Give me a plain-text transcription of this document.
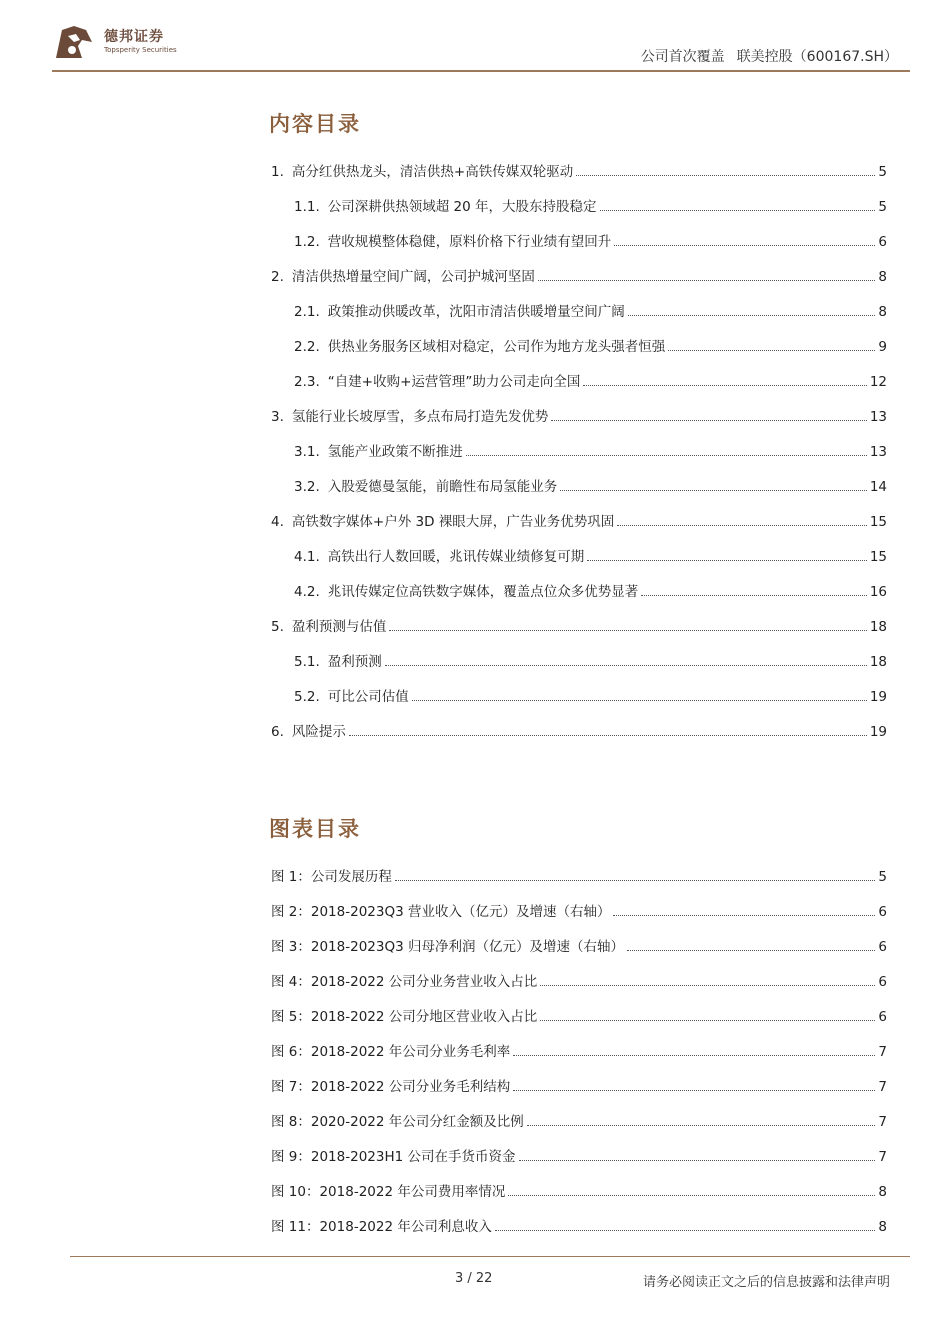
德邦证券
Topsperity Securities	公司首次覆盖 联美控股（600167.SH）
内容目录
1. 高分红供热龙头，清洁供热+高铁传媒双轮驱动	5
1.1. 公司深耕供热领域超 20 年，大股东持股稳定	5
1.2. 营收规模整体稳健，原料价格下行业绩有望回升	6
2. 清洁供热增量空间广阔，公司护城河坚固	8
2.1. 政策推动供暖改革，沈阳市清洁供暖增量空间广阔	8
2.2. 供热业务服务区域相对稳定，公司作为地方龙头强者恒强	9
2.3. “自建+收购+运营管理”助力公司走向全国	12
3. 氢能行业长坡厚雪，多点布局打造先发优势	13
3.1. 氢能产业政策不断推进	13
3.2. 入股爱德曼氢能，前瞻性布局氢能业务	14
4. 高铁数字媒体+户外 3D 裸眼大屏，广告业务优势巩固	15
4.1. 高铁出行人数回暖，兆讯传媒业绩修复可期	15
4.2. 兆讯传媒定位高铁数字媒体，覆盖点位众多优势显著	16
5. 盈利预测与估值	18
5.1. 盈利预测	18
5.2. 可比公司估值	19
6. 风险提示	19
图表目录
图 1：公司发展历程	5
图 2：2018-2023Q3 营业收入（亿元）及增速（右轴）	6
图 3：2018-2023Q3 归母净利润（亿元）及增速（右轴）	6
图 4：2018-2022 公司分业务营业收入占比	6
图 5：2018-2022 公司分地区营业收入占比	6
图 6：2018-2022 年公司分业务毛利率	7
图 7：2018-2022 公司分业务毛利结构	7
图 8：2020-2022 年公司分红金额及比例	7
图 9：2018-2023H1 公司在手货币资金	7
图 10：2018-2022 年公司费用率情况	8
图 11：2018-2022 年公司利息收入	8
3 / 22	请务必阅读正文之后的信息披露和法律声明
